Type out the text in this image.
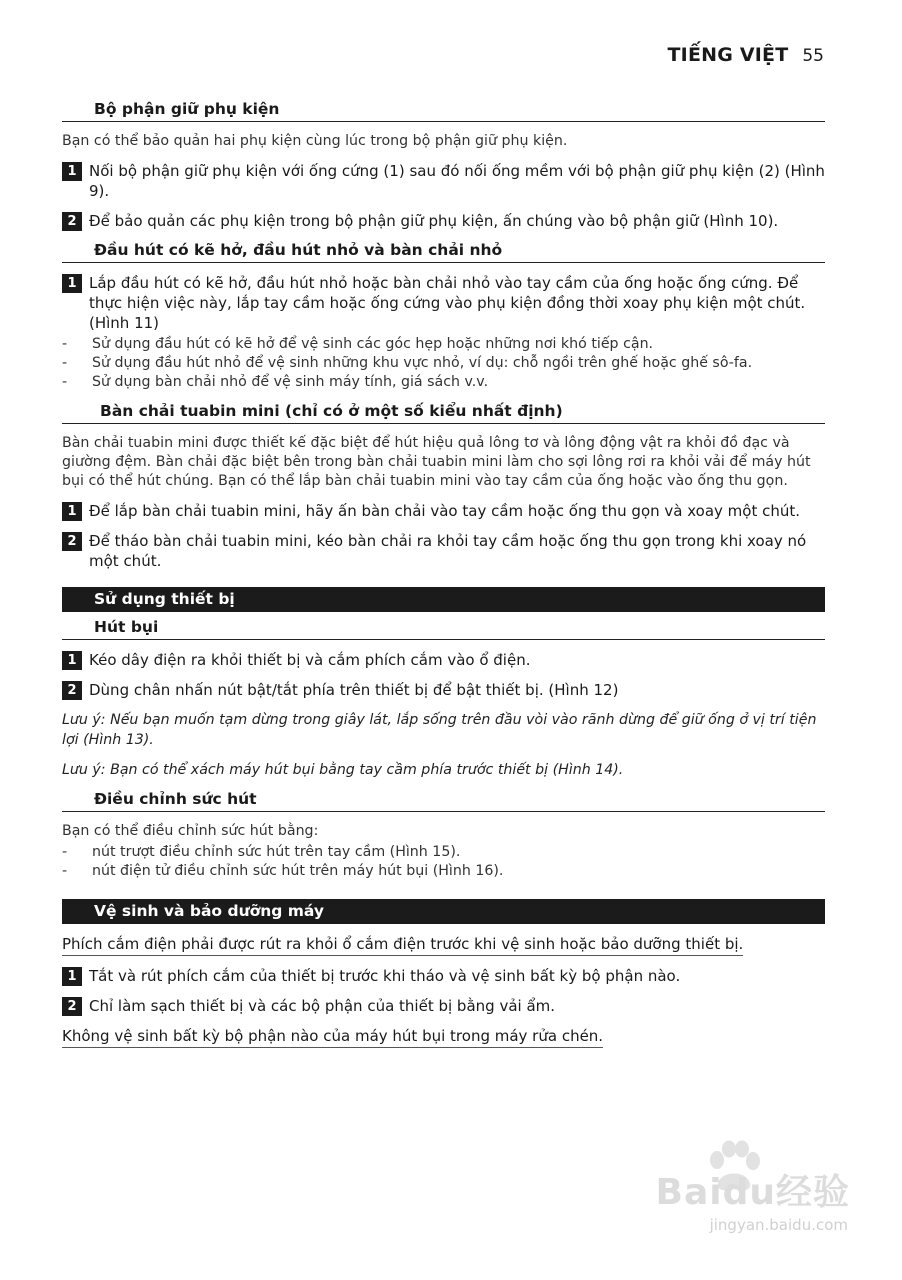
TIẾNG VIỆT 55
Bộ phận giữ phụ kiện
Bạn có thể bảo quản hai phụ kiện cùng lúc trong bộ phận giữ phụ kiện.
1 Nối bộ phận giữ phụ kiện với ống cứng (1) sau đó nối ống mềm với bộ phận giữ phụ kiện (2) (Hình 9).
2 Để bảo quản các phụ kiện trong bộ phận giữ phụ kiện, ấn chúng vào bộ phận giữ (Hình 10).
Đầu hút có kẽ hở, đầu hút nhỏ và bàn chải nhỏ
1 Lắp đầu hút có kẽ hở, đầu hút nhỏ hoặc bàn chải nhỏ vào tay cầm của ống hoặc ống cứng. Để thực hiện việc này, lắp tay cầm hoặc ống cứng vào phụ kiện đồng thời xoay phụ kiện một chút. (Hình 11)
-	Sử dụng đầu hút có kẽ hở để vệ sinh các góc hẹp hoặc những nơi khó tiếp cận.
-	Sử dụng đầu hút nhỏ để vệ sinh những khu vực nhỏ, ví dụ: chỗ ngồi trên ghế hoặc ghế sô-fa.
-	Sử dụng bàn chải nhỏ để vệ sinh máy tính, giá sách v.v.
Bàn chải tuabin mini (chỉ có ở một số kiểu nhất định)
Bàn chải tuabin mini được thiết kế đặc biệt để hút hiệu quả lông tơ và lông động vật ra khỏi đồ đạc và giường đệm. Bàn chải đặc biệt bên trong bàn chải tuabin mini làm cho sợi lông rơi ra khỏi vải để máy hút bụi có thể hút chúng. Bạn có thể lắp bàn chải tuabin mini vào tay cầm của ống hoặc vào ống thu gọn.
1 Để lắp bàn chải tuabin mini, hãy ấn bàn chải vào tay cầm hoặc ống thu gọn và xoay một chút.
2 Để tháo bàn chải tuabin mini, kéo bàn chải ra khỏi tay cầm hoặc ống thu gọn trong khi xoay nó một chút.
Sử dụng thiết bị
Hút bụi
1 Kéo dây điện ra khỏi thiết bị và cắm phích cắm vào ổ điện.
2 Dùng chân nhấn nút bật/tắt phía trên thiết bị để bật thiết bị. (Hình 12)
Lưu ý: Nếu bạn muốn tạm dừng trong giây lát, lắp sống trên đầu vòi vào rãnh dừng để giữ ống ở vị trí tiện lợi (Hình 13).
Lưu ý: Bạn có thể xách máy hút bụi bằng tay cầm phía trước thiết bị (Hình 14).
Điều chỉnh sức hút
Bạn có thể điều chỉnh sức hút bằng:
-	nút trượt điều chỉnh sức hút trên tay cầm (Hình 15).
-	nút điện tử điều chỉnh sức hút trên máy hút bụi (Hình 16).
Vệ sinh và bảo dưỡng máy
Phích cắm điện phải được rút ra khỏi ổ cắm điện trước khi vệ sinh hoặc bảo dưỡng thiết bị.
1 Tắt và rút phích cắm của thiết bị trước khi tháo và vệ sinh bất kỳ bộ phận nào.
2 Chỉ làm sạch thiết bị và các bộ phận của thiết bị bằng vải ẩm.
Không vệ sinh bất kỳ bộ phận nào của máy hút bụi trong máy rửa chén.
Baidu经验
jingyan.baidu.com
